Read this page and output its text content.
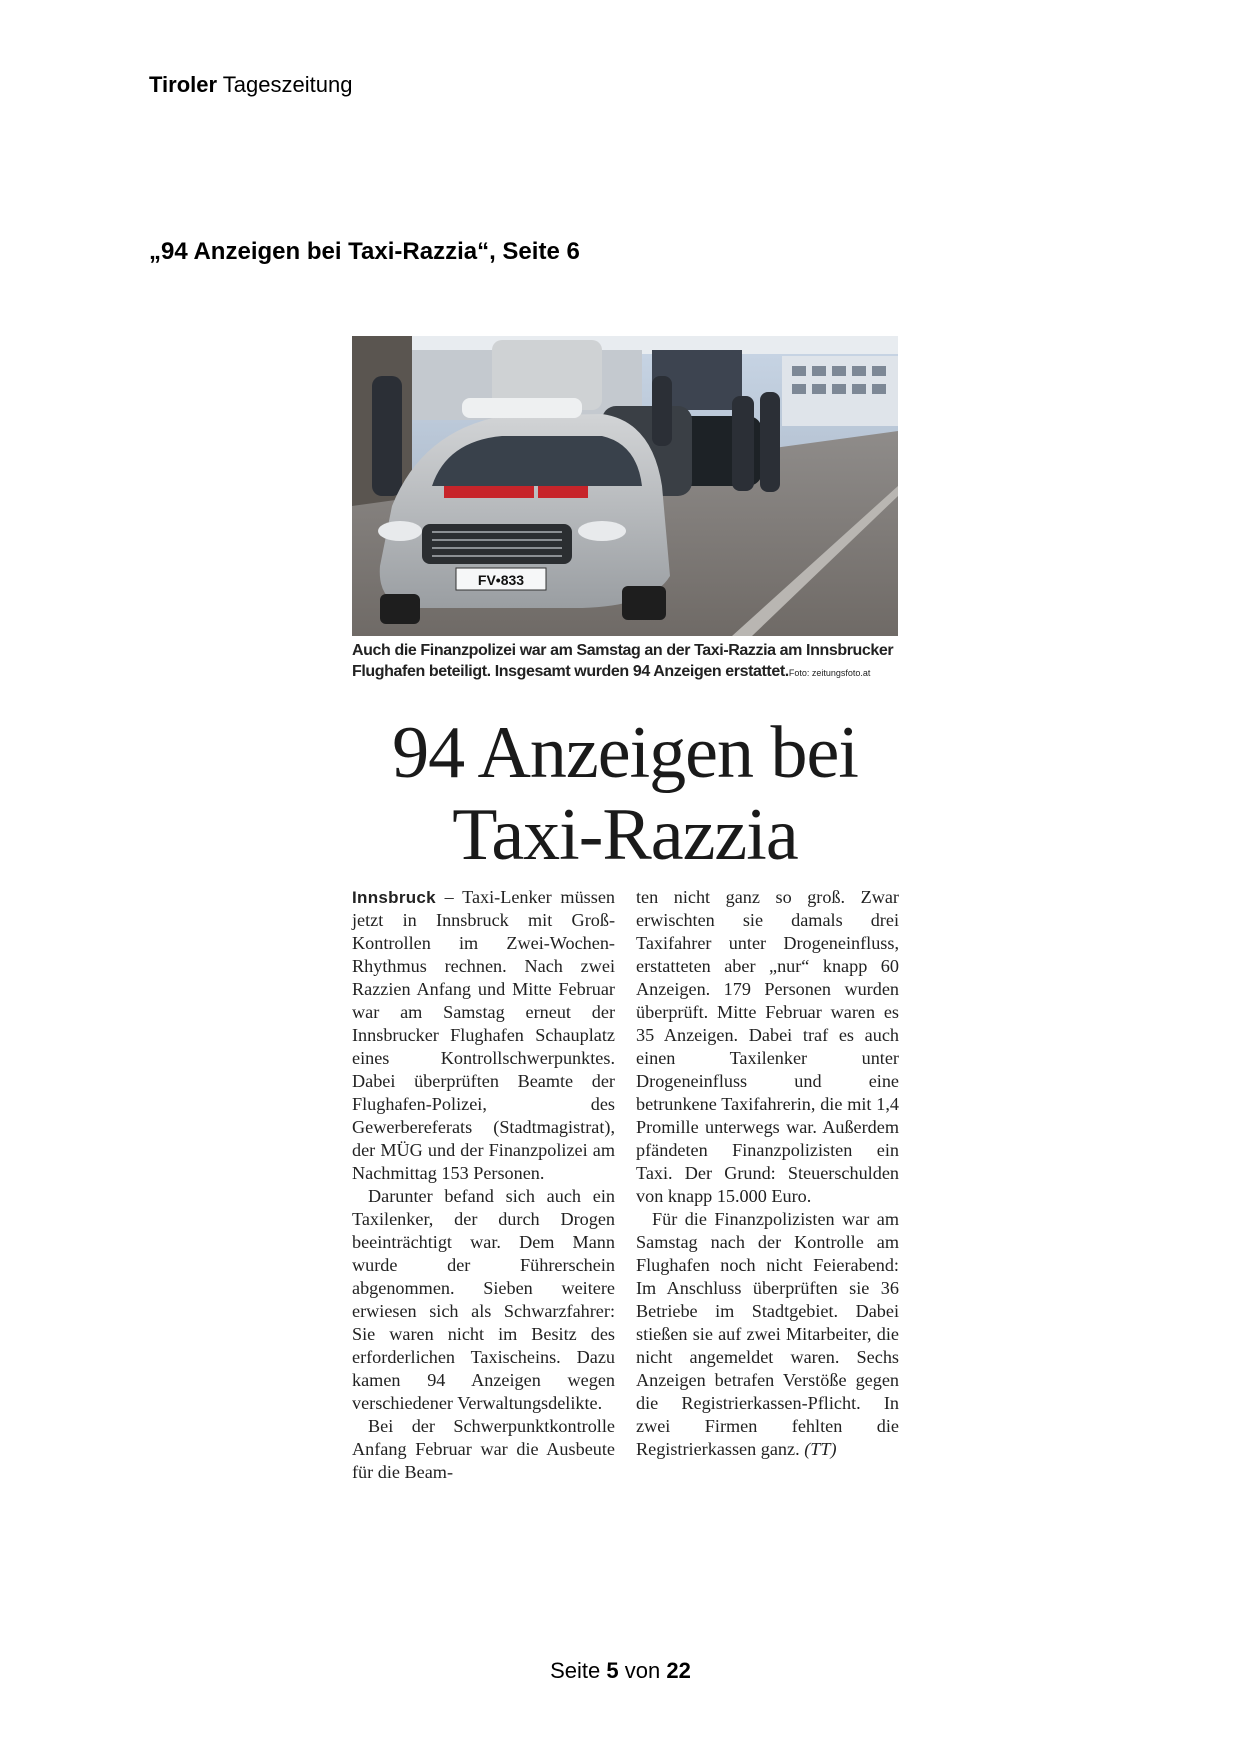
Tiroler Tageszeitung
„94 Anzeigen bei Taxi-Razzia“, Seite 6
FV•833
Auch die Finanzpolizei war am Samstag an der Taxi-Razzia am Innsbrucker Flughafen beteiligt. Insgesamt wurden 94 Anzeigen erstattet.Foto: zeitungsfoto.at
94 Anzeigen bei
Taxi-Razzia

Innsbruck – Taxi-Lenker müssen jetzt in Innsbruck mit Groß-Kontrollen im Zwei-Wochen-Rhythmus rechnen. Nach zwei Razzien Anfang und Mitte Februar war am Samstag erneut der Innsbrucker Flughafen Schauplatz eines Kontrollschwerpunktes. Dabei überprüften Beamte der Flughafen-Polizei, des Gewerbereferats (Stadtmagistrat), der MÜG und der Finanzpolizei am Nachmittag 153 Personen.

Darunter befand sich auch ein Taxilenker, der durch Drogen beeinträchtigt war. Dem Mann wurde der Führerschein abgenommen. Sieben weitere erwiesen sich als Schwarzfahrer: Sie waren nicht im Besitz des erforderlichen Taxischeins. Dazu kamen 94 Anzeigen wegen verschiedener Verwaltungsdelikte.

Bei der Schwerpunktkontrolle Anfang Februar war die Ausbeute für die Beam-

ten nicht ganz so groß. Zwar erwischten sie damals drei Taxifahrer unter Drogeneinfluss, erstatteten aber „nur“ knapp 60 Anzeigen. 179 Personen wurden überprüft. Mitte Februar waren es 35 Anzeigen. Dabei traf es auch einen Taxilenker unter Drogeneinfluss und eine betrunkene Taxifahrerin, die mit 1,4 Promille unterwegs war. Außerdem pfändeten Finanzpolizisten ein Taxi. Der Grund: Steuerschulden von knapp 15.000 Euro.

Für die Finanzpolizisten war am Samstag nach der Kontrolle am Flughafen noch nicht Feierabend: Im Anschluss überprüften sie 36 Betriebe im Stadtgebiet. Dabei stießen sie auf zwei Mitarbeiter, die nicht angemeldet waren. Sechs Anzeigen betrafen Verstöße gegen die Registrierkassen-Pflicht. In zwei Firmen fehlten die Registrierkassen ganz. (TT)

Seite 5 von 22
